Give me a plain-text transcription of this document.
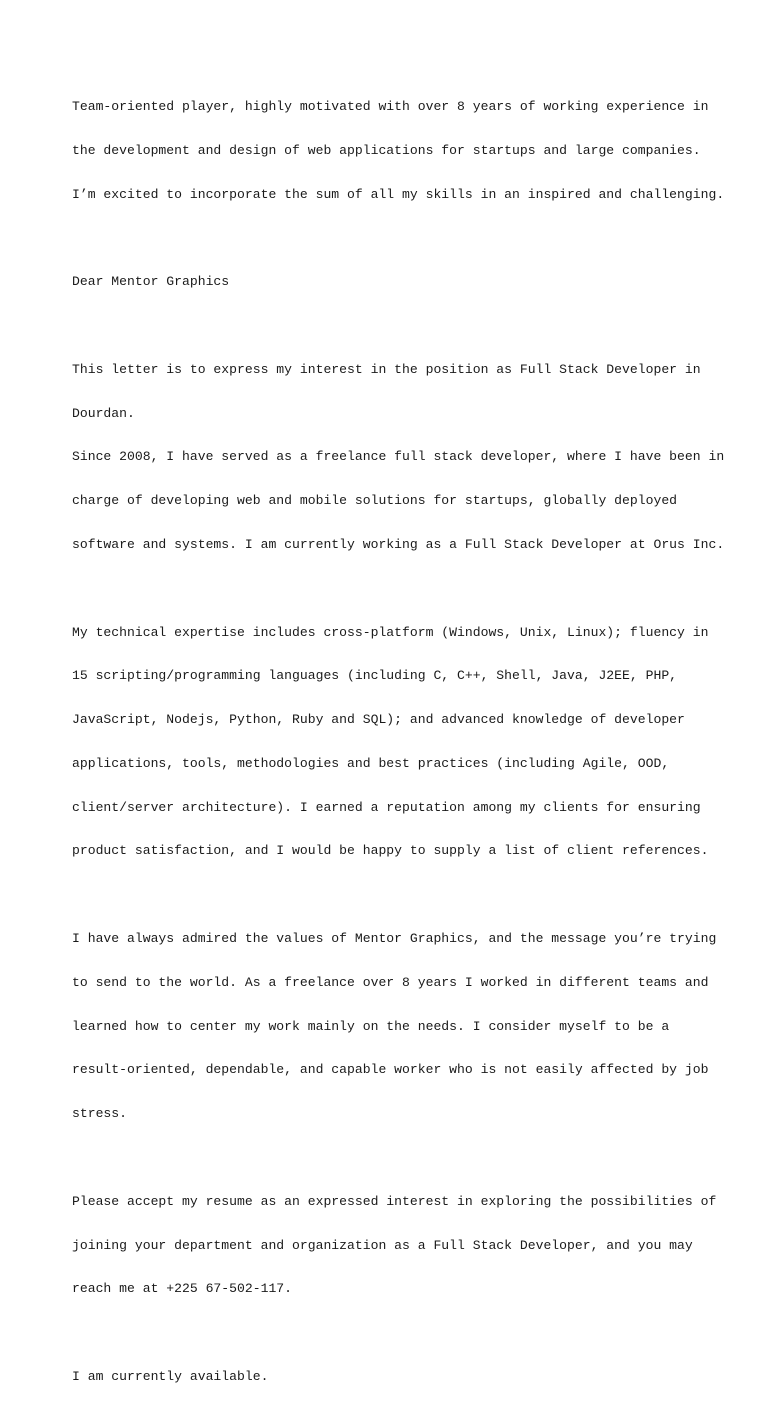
Team-oriented player, highly motivated with over 8 years of working experience in

the development and design of web applications for startups and large companies.

I’m excited to incorporate the sum of all my skills in an inspired and challenging.

Dear Mentor Graphics

This letter is to express my interest in the position as Full Stack Developer in

Dourdan.

Since 2008, I have served as a freelance full stack developer, where I have been in

charge of developing web and mobile solutions for startups, globally deployed

software and systems. I am currently working as a Full Stack Developer at Orus Inc.

My technical expertise includes cross-platform (Windows, Unix, Linux); fluency in

15 scripting/programming languages (including C, C++, Shell, Java, J2EE, PHP,

JavaScript, Nodejs, Python, Ruby and SQL); and advanced knowledge of developer

applications, tools, methodologies and best practices (including Agile, OOD,

client/server architecture). I earned a reputation among my clients for ensuring

product satisfaction, and I would be happy to supply a list of client references.

I have always admired the values of Mentor Graphics, and the message you’re trying

to send to the world. As a freelance over 8 years I worked in different teams and

learned how to center my work mainly on the needs. I consider myself to be a

result-oriented, dependable, and capable worker who is not easily affected by job

stress.

Please accept my resume as an expressed interest in exploring the possibilities of

joining your department and organization as a Full Stack Developer, and you may

reach me at +225 67-502-117.

I am currently available.
